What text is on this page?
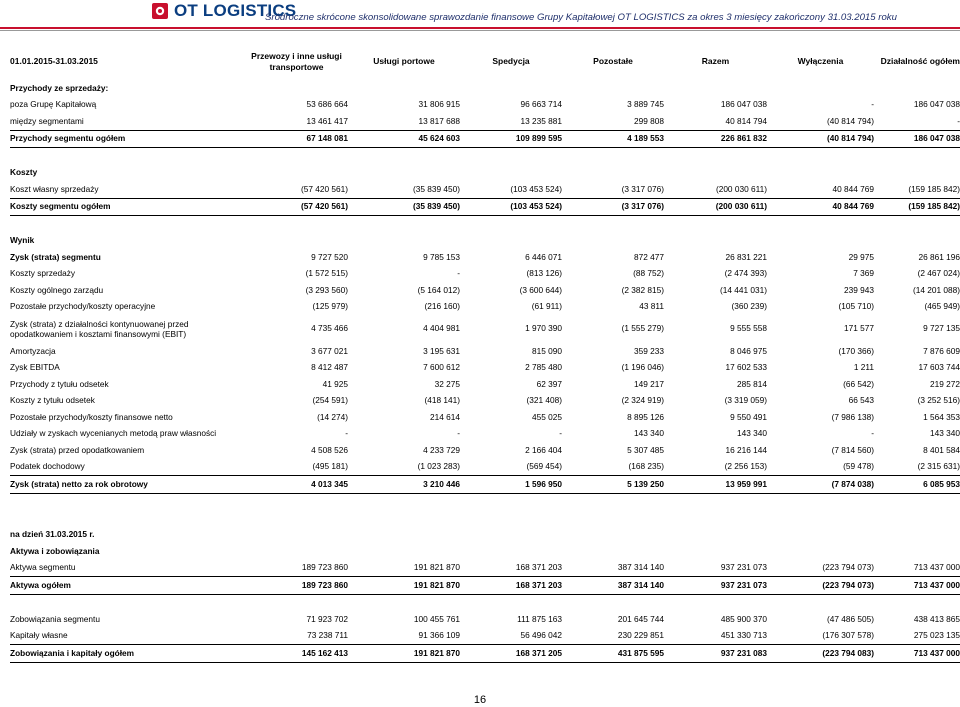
OT LOGISTICS
Śródroczne skrócone skonsolidowane sprawozdanie finansowe Grupy Kapitałowej OT LOGISTICS za okres 3 miesięcy zakończony 31.03.2015 roku
01.01.2015-31.03.2015	Przewozy i inne usługi transportowe	Usługi portowe	Spedycja	Pozostałe	Razem	Wyłączenia	Działalność ogółem
Przychody ze sprzedaży:							
poza Grupę Kapitałową	53 686 664	31 806 915	96 663 714	3 889 745	186 047 038	-	186 047 038
między segmentami	13 461 417	13 817 688	13 235 881	299 808	40 814 794	(40 814 794)	-
Przychody segmentu ogółem	67 148 081	45 624 603	109 899 595	4 189 553	226 861 832	(40 814 794)	186 047 038

Koszty							
Koszt własny sprzedaży	(57 420 561)	(35 839 450)	(103 453 524)	(3 317 076)	(200 030 611)	40 844 769	(159 185 842)
Koszty segmentu ogółem	(57 420 561)	(35 839 450)	(103 453 524)	(3 317 076)	(200 030 611)	40 844 769	(159 185 842)

Wynik							
Zysk (strata) segmentu	9 727 520	9 785 153	6 446 071	872 477	26 831 221	29 975	26 861 196
Koszty sprzedaży	(1 572 515)	-	(813 126)	(88 752)	(2 474 393)	7 369	(2 467 024)
Koszty ogólnego zarządu	(3 293 560)	(5 164 012)	(3 600 644)	(2 382 815)	(14 441 031)	239 943	(14 201 088)
Pozostałe przychody/koszty operacyjne	(125 979)	(216 160)	(61 911)	43 811	(360 239)	(105 710)	(465 949)
Zysk (strata) z działalności kontynuowanej przed opodatkowaniem i kosztami finansowymi (EBIT)	4 735 466	4 404 981	1 970 390	(1 555 279)	9 555 558	171 577	9 727 135
Amortyzacja	3 677 021	3 195 631	815 090	359 233	8 046 975	(170 366)	7 876 609
Zysk EBITDA	8 412 487	7 600 612	2 785 480	(1 196 046)	17 602 533	1 211	17 603 744
Przychody z tytułu odsetek	41 925	32 275	62 397	149 217	285 814	(66 542)	219 272
Koszty z tytułu odsetek	(254 591)	(418 141)	(321 408)	(2 324 919)	(3 319 059)	66 543	(3 252 516)
Pozostałe przychody/koszty finansowe netto	(14 274)	214 614	455 025	8 895 126	9 550 491	(7 986 138)	1 564 353
Udziały w zyskach wycenianych metodą praw własności	-	-	-	143 340	143 340	-	143 340
Zysk (strata) przed opodatkowaniem	4 508 526	4 233 729	2 166 404	5 307 485	16 216 144	(7 814 560)	8 401 584
Podatek dochodowy	(495 181)	(1 023 283)	(569 454)	(168 235)	(2 256 153)	(59 478)	(2 315 631)
Zysk (strata) netto za rok obrotowy	4 013 345	3 210 446	1 596 950	5 139 250	13 959 991	(7 874 038)	6 085 953

na dzień 31.03.2015 r.							
Aktywa i zobowiązania							
Aktywa segmentu	189 723 860	191 821 870	168 371 203	387 314 140	937 231 073	(223 794 073)	713 437 000
Aktywa ogółem	189 723 860	191 821 870	168 371 203	387 314 140	937 231 073	(223 794 073)	713 437 000

Zobowiązania segmentu	71 923 702	100 455 761	111 875 163	201 645 744	485 900 370	(47 486 505)	438 413 865
Kapitały własne	73 238 711	91 366 109	56 496 042	230 229 851	451 330 713	(176 307 578)	275 023 135
Zobowiązania i kapitały ogółem	145 162 413	191 821 870	168 371 205	431 875 595	937 231 083	(223 794 083)	713 437 000
16
